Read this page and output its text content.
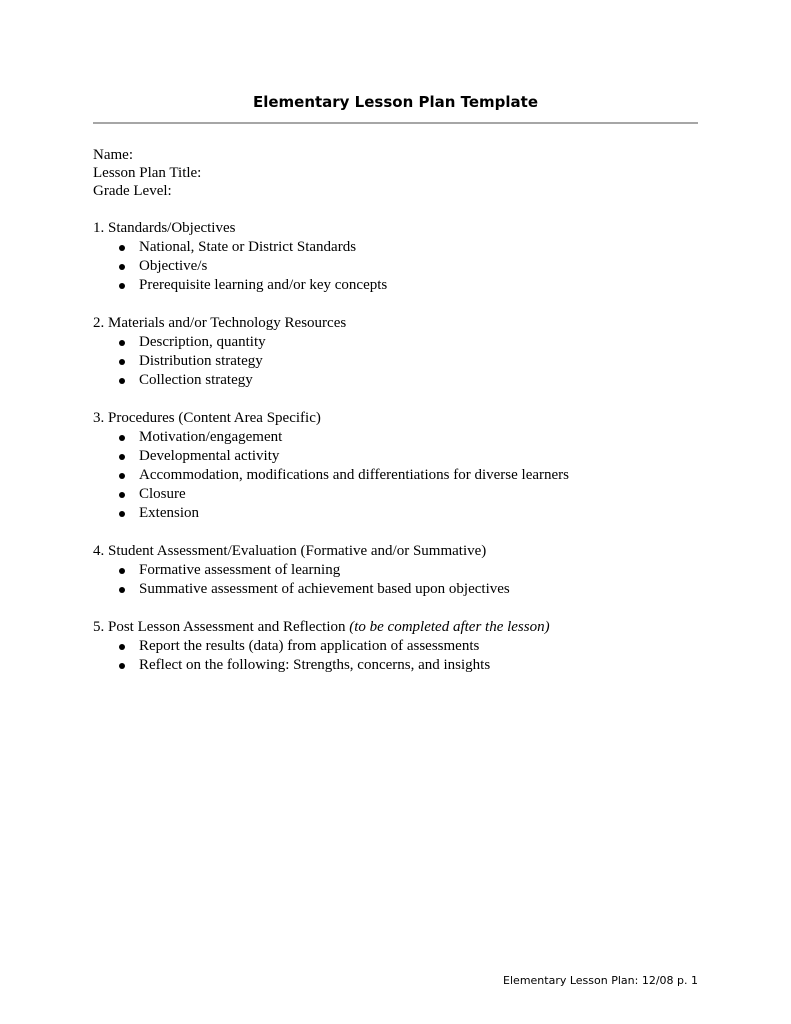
Elementary Lesson Plan Template
Name:
Lesson Plan Title:
Grade Level:
1. Standards/Objectives
National, State or District Standards
Objective/s
Prerequisite learning and/or key concepts
2. Materials and/or Technology Resources
Description, quantity
Distribution strategy
Collection strategy
3. Procedures (Content Area Specific)
Motivation/engagement
Developmental activity
Accommodation, modifications and differentiations for diverse learners
Closure
Extension
4. Student Assessment/Evaluation (Formative and/or Summative)
Formative assessment of learning
Summative assessment of achievement based upon objectives
5. Post Lesson Assessment and Reflection (to be completed after the lesson)
Report the results (data) from application of assessments
Reflect on the following: Strengths, concerns, and insights
Elementary Lesson Plan: 12/08 p. 1
